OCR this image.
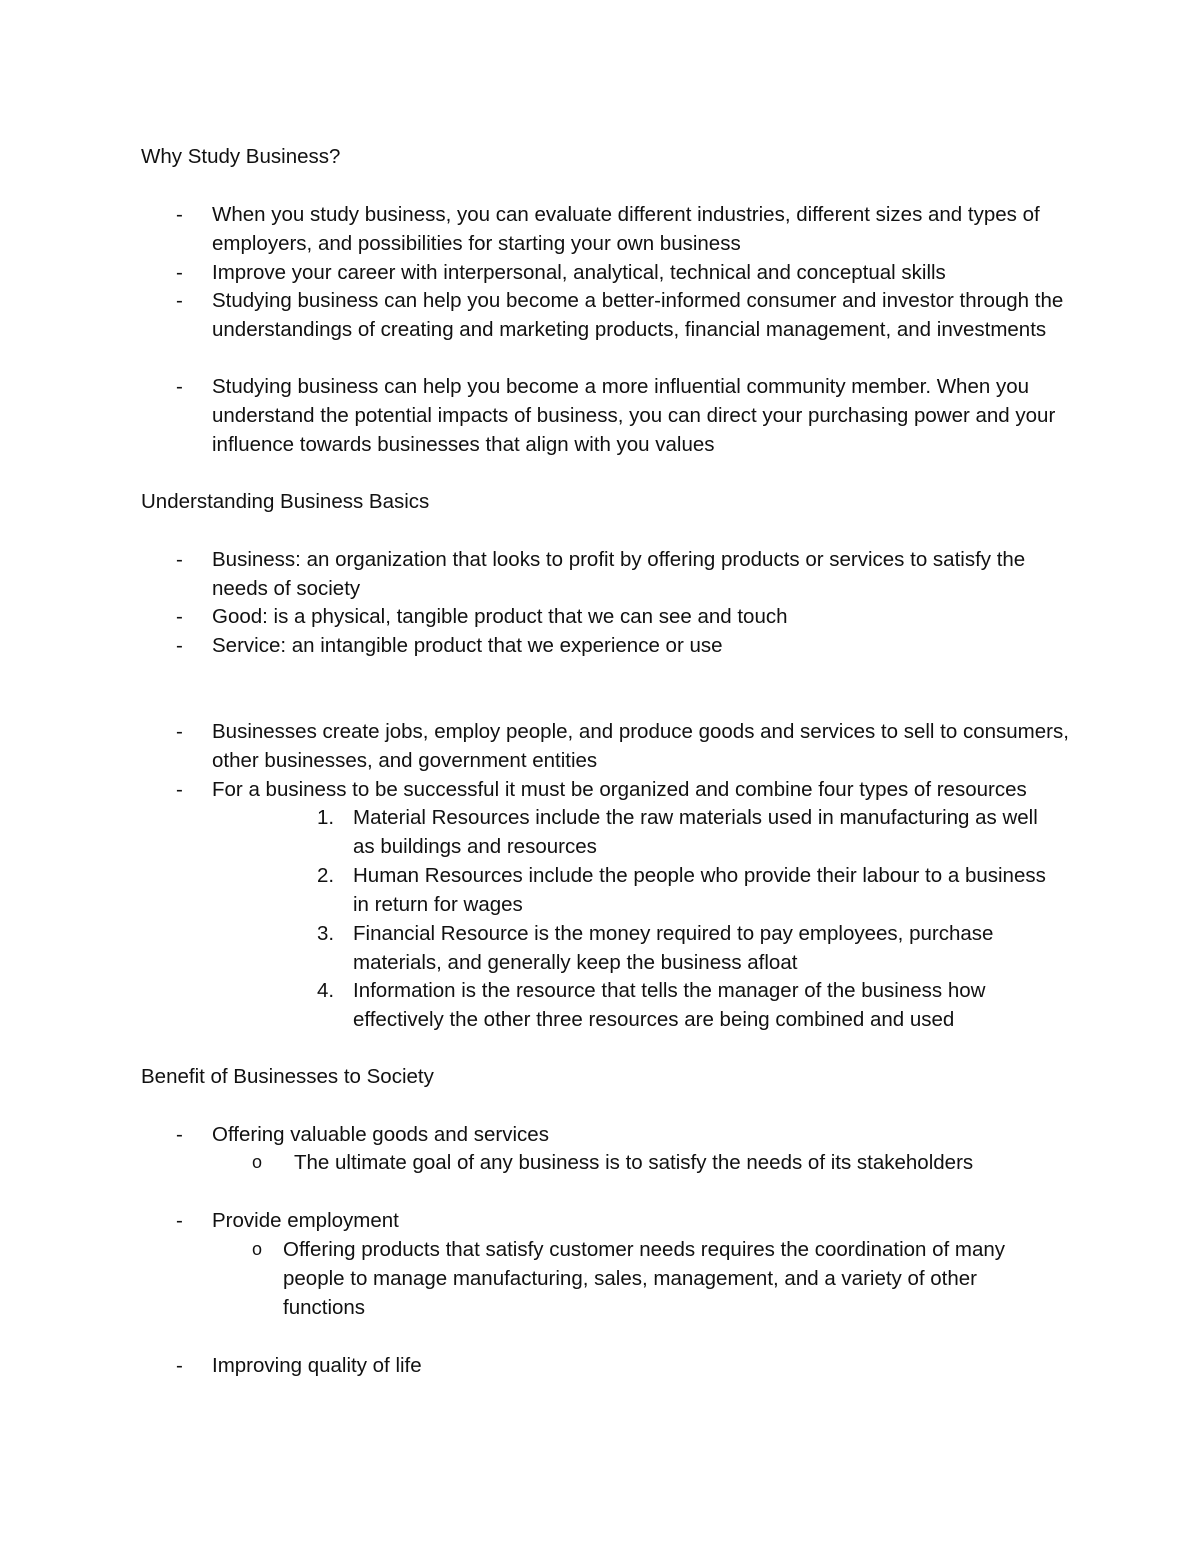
Why Study Business?
- When you study business, you can evaluate different industries, different sizes and types of employers, and possibilities for starting your own business
- Improve your career with interpersonal, analytical, technical and conceptual skills
- Studying business can help you become a better-informed consumer and investor through the understandings of creating and marketing products, financial management, and investments
- Studying business can help you become a more influential community member. When you understand the potential impacts of business, you can direct your purchasing power and your influence towards businesses that align with you values
Understanding Business Basics
- Business: an organization that looks to profit by offering products or services to satisfy the needs of society
- Good: is a physical, tangible product that we can see and touch
- Service: an intangible product that we experience or use
- Businesses create jobs, employ people, and produce goods and services to sell to consumers, other businesses, and government entities
- For a business to be successful it must be organized and combine four types of resources
1. Material Resources include the raw materials used in manufacturing as well as buildings and resources
2. Human Resources include the people who provide their labour to a business in return for wages
3. Financial Resource is the money required to pay employees, purchase materials, and generally keep the business afloat
4. Information is the resource that tells the manager of the business how effectively the other three resources are being combined and used
Benefit of Businesses to Society
- Offering valuable goods and services
o The ultimate goal of any business is to satisfy the needs of its stakeholders
- Provide employment
o Offering products that satisfy customer needs requires the coordination of many people to manage manufacturing, sales, management, and a variety of other functions
- Improving quality of life
